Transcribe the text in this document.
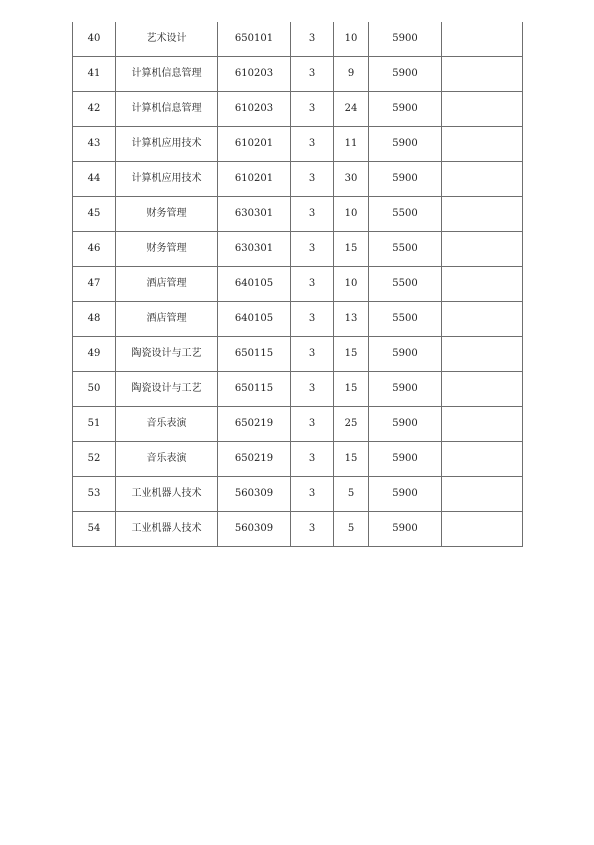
40	艺术设计	650101	3	10	5900	
41	计算机信息管理	610203	3	9	5900	
42	计算机信息管理	610203	3	24	5900	
43	计算机应用技术	610201	3	11	5900	
44	计算机应用技术	610201	3	30	5900	
45	财务管理	630301	3	10	5500	
46	财务管理	630301	3	15	5500	
47	酒店管理	640105	3	10	5500	
48	酒店管理	640105	3	13	5500	
49	陶瓷设计与工艺	650115	3	15	5900	
50	陶瓷设计与工艺	650115	3	15	5900	
51	音乐表演	650219	3	25	5900	
52	音乐表演	650219	3	15	5900	
53	工业机器人技术	560309	3	5	5900	
54	工业机器人技术	560309	3	5	5900	
